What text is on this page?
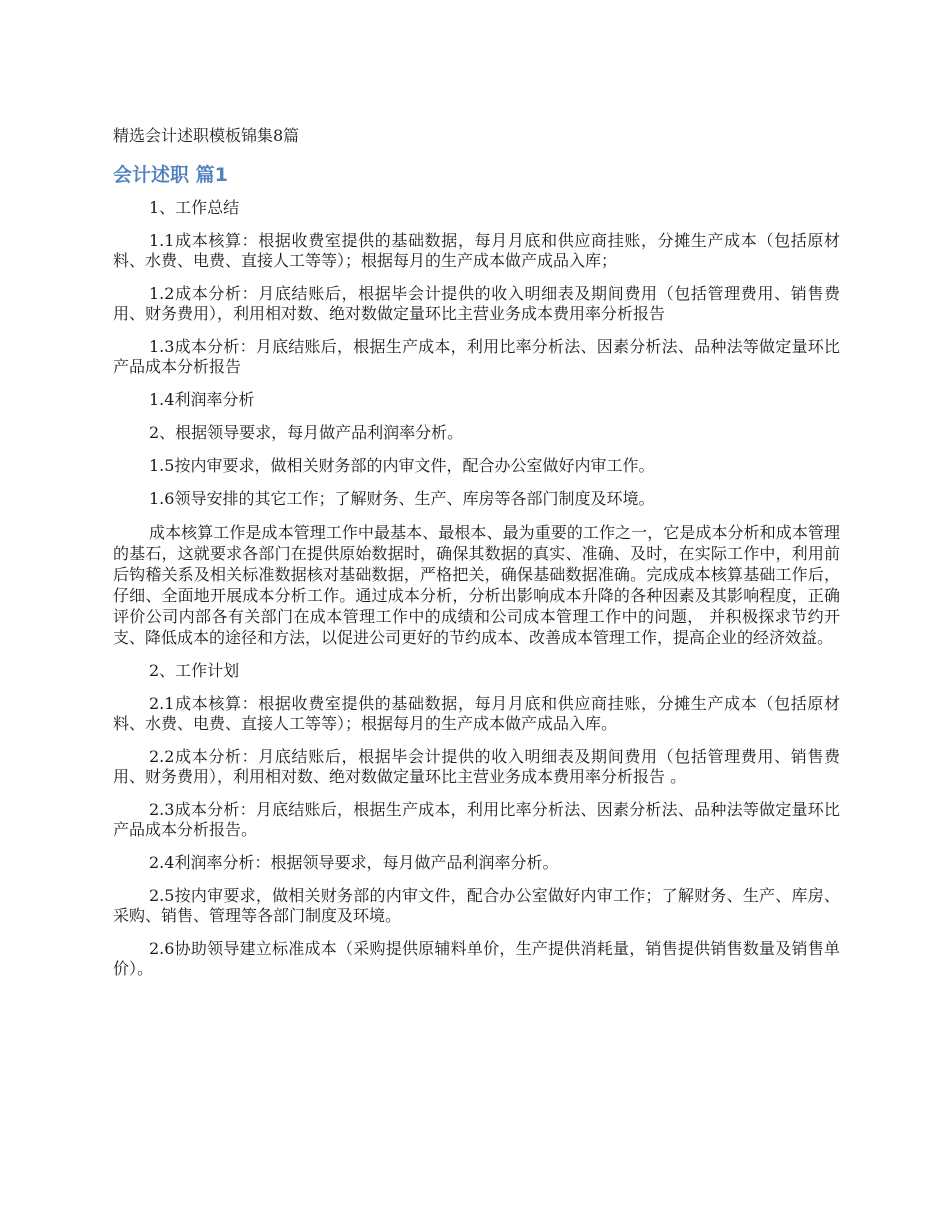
精选会计述职模板锦集8篇
会计述职 篇1

1、工作总结

1.1成本核算：根据收费室提供的基础数据，每月月底和供应商挂账，分摊生产成本（包括原材料、水费、电费、直接人工等等）；根据每月的生产成本做产成品入库；

1.2成本分析：月底结账后，根据毕会计提供的收入明细表及期间费用（包括管理费用、销售费用、财务费用），利用相对数、绝对数做定量环比主营业务成本费用率分析报告

1.3成本分析：月底结账后，根据生产成本，利用比率分析法、因素分析法、品种法等做定量环比产品成本分析报告

1.4利润率分析

2、根据领导要求，每月做产品利润率分析。

1.5按内审要求，做相关财务部的内审文件，配合办公室做好内审工作。

1.6领导安排的其它工作；了解财务、生产、库房等各部门制度及环境。

成本核算工作是成本管理工作中最基本、最根本、最为重要的工作之一，它是成本分析和成本管理的基石，这就要求各部门在提供原始数据时，确保其数据的真实、准确、及时，在实际工作中，利用前后钩稽关系及相关标准数据核对基础数据，严格把关，确保基础数据准确。完成成本核算基础工作后，仔细、全面地开展成本分析工作。通过成本分析，分析出影响成本升降的各种因素及其影响程度，正确评价公司内部各有关部门在成本管理工作中的成绩和公司成本管理工作中的问题， 并积极探求节约开支、降低成本的途径和方法，以促进公司更好的节约成本、改善成本管理工作，提高企业的经济效益。

2、工作计划

2.1成本核算：根据收费室提供的基础数据，每月月底和供应商挂账，分摊生产成本（包括原材料、水费、电费、直接人工等等）；根据每月的生产成本做产成品入库。

2.2成本分析：月底结账后，根据毕会计提供的收入明细表及期间费用（包括管理费用、销售费用、财务费用），利用相对数、绝对数做定量环比主营业务成本费用率分析报告 。

2.3成本分析：月底结账后，根据生产成本，利用比率分析法、因素分析法、品种法等做定量环比产品成本分析报告。

2.4利润率分析：根据领导要求，每月做产品利润率分析。

2.5按内审要求，做相关财务部的内审文件，配合办公室做好内审工作；了解财务、生产、库房、采购、销售、管理等各部门制度及环境。

2.6协助领导建立标准成本（采购提供原辅料单价，生产提供消耗量，销售提供销售数量及销售单价）。
